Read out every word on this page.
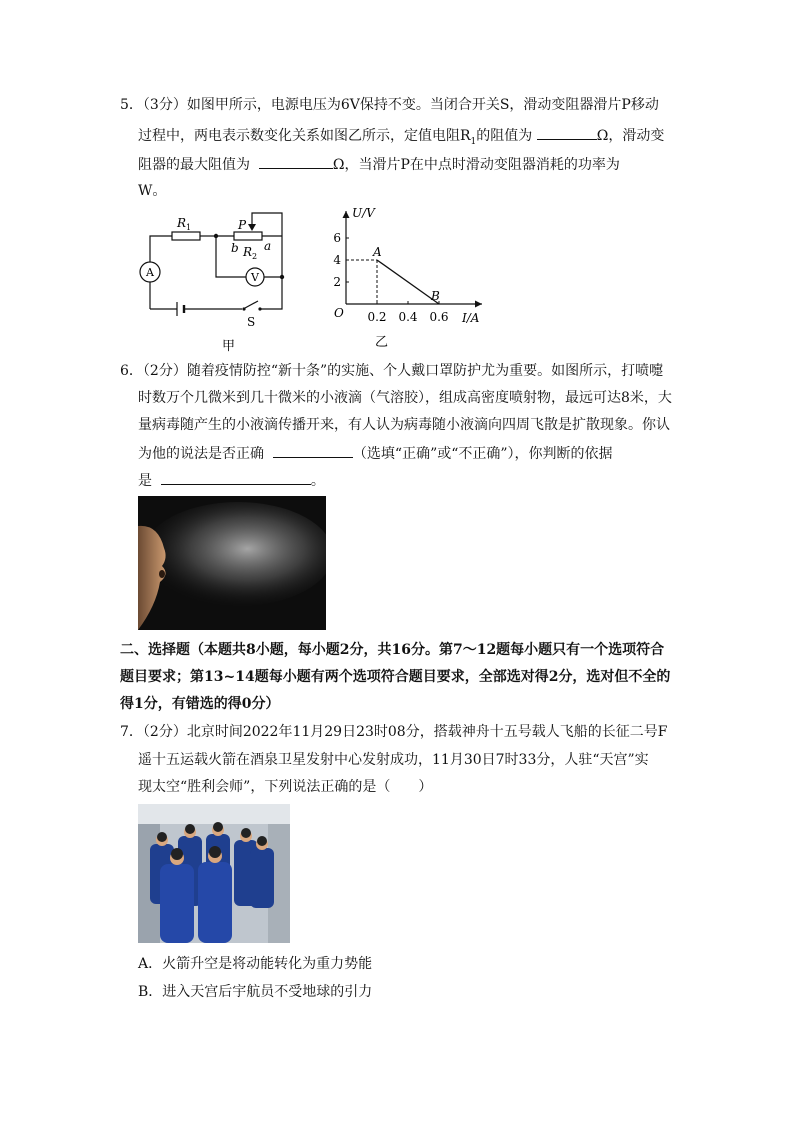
5．（3分）如图甲所示，电源电压为6V保持不变。当闭合开关S，滑动变阻器滑片P移动
过程中，两电表示数变化关系如图乙所示，定值电阻$R_1$的阻值为	Ω，滑动变
阻器的最大阻值为	Ω，当滑片P在中点时滑动变阻器消耗的功率为
W。
A	V
$R_1$	P
b a
$R_2$
S
甲
0.2 0.4 0.6
2
4
6
A
B
U/V
I/A
O
乙
6．（2分）随着疫情防控“新十条”的实施、个人戴口罩防护尤为重要。如图所示，打喷嚏
时数万个几微米到几十微米的小液滴（气溶胶），组成高密度喷射物，最远可达8米，大
量病毒随产生的小液滴传播开来，有人认为病毒随小液滴向四周飞散是扩散现象。你认
为他的说法是否正确	（选填“正确”或“不正确”），你判断的依据
是	。
二、选择题（本题共8小题，每小题2分，共16分。第7～12题每小题只有一个选项符合
题目要求；第13~14题每小题有两个选项符合题目要求，全部选对得2分，选对但不全的
得1分，有错选的得0分）
7．（2分）北京时间2022年11月29日23时08分，搭载神舟十五号载人飞船的长征二号F
遥十五运载火箭在酒泉卫星发射中心发射成功，11月30日7时33分，人驻“天宫”实
现太空“胜利会师”，下列说法正确的是（　　）
A．火箭升空是将动能转化为重力势能
B．进入天宫后宇航员不受地球的引力
